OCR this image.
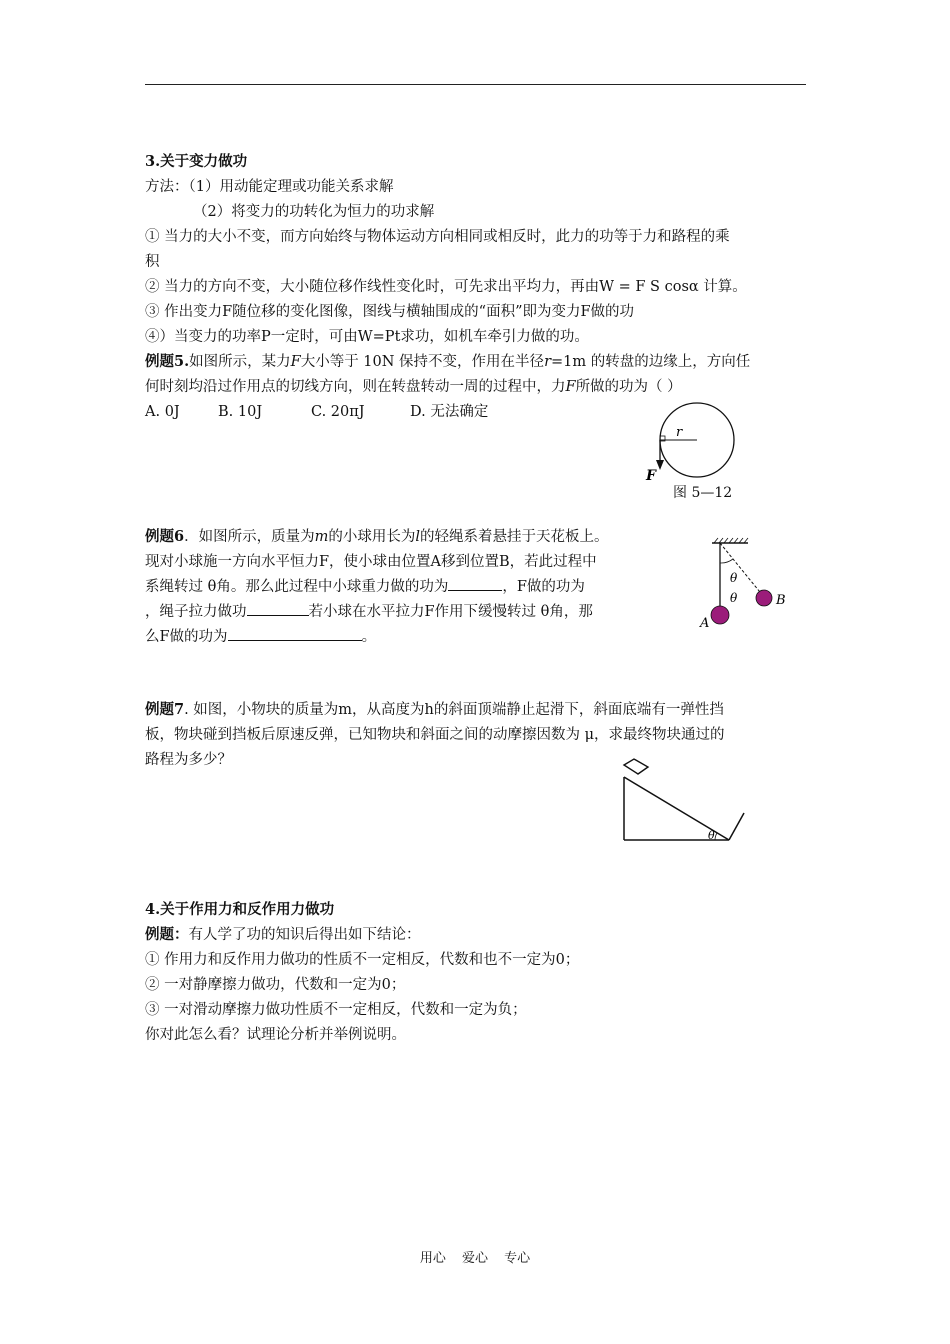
3.关于变力做功
方法：（1）用动能定理或功能关系求解
（2）将变力的功转化为恒力的功求解
① 当力的大小不变，而方向始终与物体运动方向相同或相反时，此力的功等于力和路程的乘
积
② 当力的方向不变，大小随位移作线性变化时，可先求出平均力，再由W = F S cosα 计算。
③ 作出变力F随位移的变化图像，图线与横轴围成的“面积”即为变力F做的功
④）当变力的功率P一定时，可由W=Pt求功，如机车牵引力做的功。
例题5.如图所示，某力F大小等于 10N 保持不变，作用在半径r=1m 的转盘的边缘上，方向任
何时刻均沿过作用点的切线方向，则在转盘转动一周的过程中，力F所做的功为（ ）
A. 0J	B. 10J	C. 20πJ	D. 无法确定
r
F
图 5—12
例题6．如图所示，质量为m的小球用长为l的轻绳系着悬挂于天花板上。
现对小球施一方向水平恒力F，使小球由位置A移到位置B，若此过程中
系绳转过 θ角。那么此过程中小球重力做的功为	，F做的功为
，绳子拉力做功	若小球在水平拉力F作用下缓慢转过 θ角，那
么F做的功为	。
θ
θ
A
B
例题7. 如图，小物块的质量为m，从高度为h的斜面顶端静止起滑下，斜面底端有一弹性挡
板，物块碰到挡板后原速反弹，已知物块和斜面之间的动摩擦因数为 μ，求最终物块通过的
路程为多少？
θ
4.关于作用力和反作用力做功
例题：有人学了功的知识后得出如下结论：
① 作用力和反作用力做功的性质不一定相反，代数和也不一定为0；
② 一对静摩擦力做功，代数和一定为0；
③ 一对滑动摩擦力做功性质不一定相反，代数和一定为负；
你对此怎么看？试理论分析并举例说明。
用心 爱心 专心
